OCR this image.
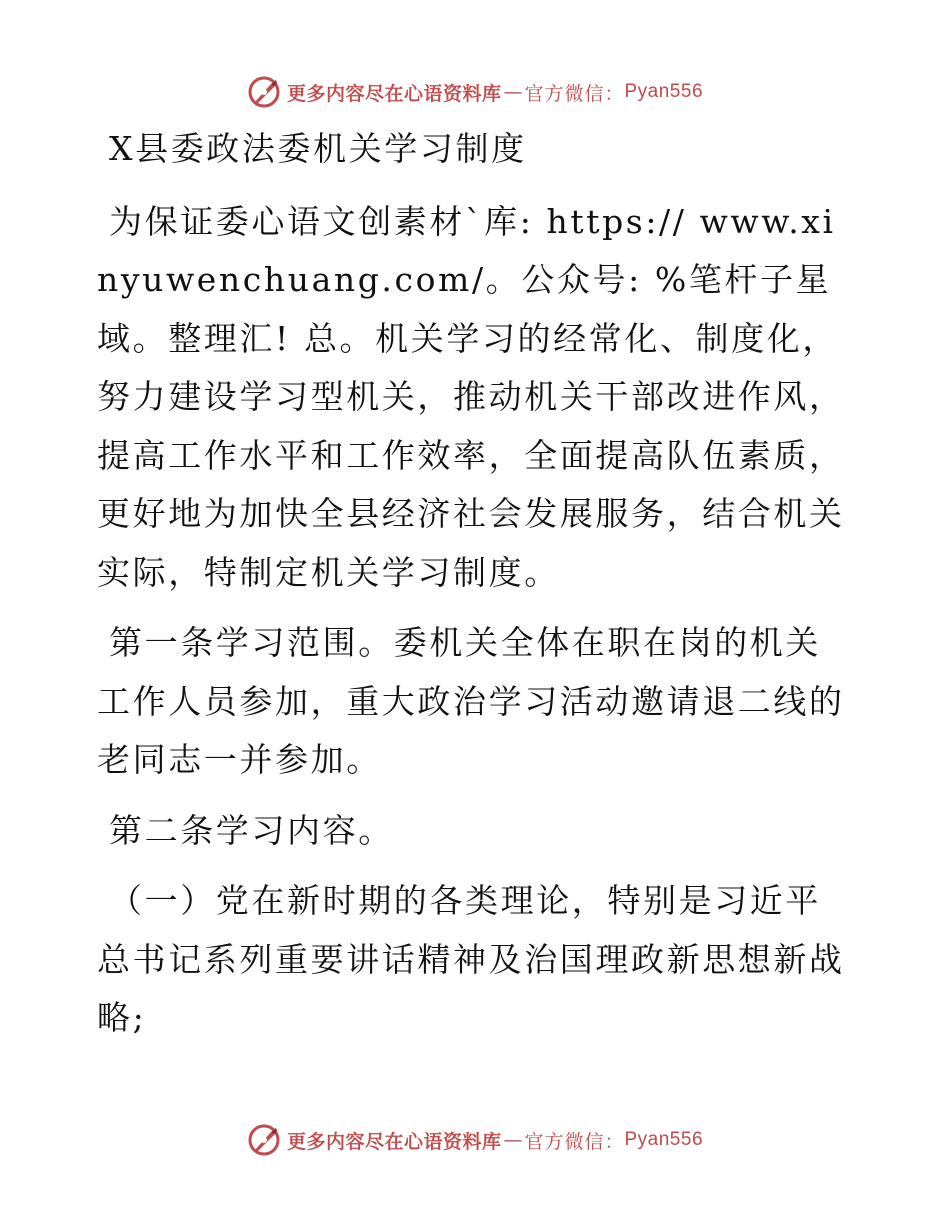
更多内容尽在心语资料库 — 官方微信： Pyan556

X县委政法委机关学习制度

为保证委心语文创素材`库: https:// www.xinyuwenchuang.com/。公众号: %笔杆子星域。整理汇! 总。机关学习的经常化、制度化，努力建设学习型机关，推动机关干部改进作风，提高工作水平和工作效率，全面提高队伍素质，更好地为加快全县经济社会发展服务，结合机关实际，特制定机关学习制度。

第一条学习范围。委机关全体在职在岗的机关工作人员参加，重大政治学习活动邀请退二线的老同志一并参加。

第二条学习内容。

（一）党在新时期的各类理论，特别是习近平总书记系列重要讲话精神及治国理政新思想新战略;

更多内容尽在心语资料库 — 官方微信： Pyan556
